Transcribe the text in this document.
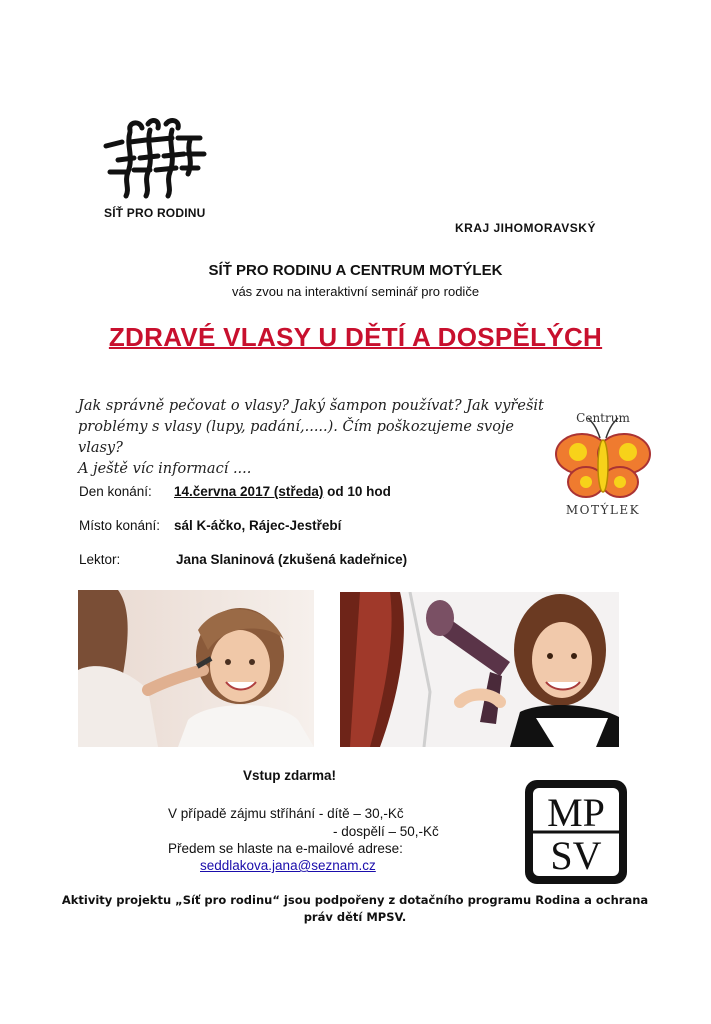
SÍŤ PRO RODINU
KRAJ JIHOMORAVSKÝ
SÍŤ PRO RODINU A CENTRUM MOTÝLEK
vás zvou na interaktivní seminář pro rodiče
ZDRAVÉ VLASY U DĚTÍ A DOSPĚLÝCH
Jak správně pečovat o vlasy? Jaký šampon používat? Jak vyřešit
problémy s vlasy (lupy, padání,.....). Čím poškozujeme svoje vlasy?
A ještě víc informací ....
Centrum
MOTÝLEK
Den konání: 14.června 2017 (středa) od 10 hod
Místo konání: sál K-áčko, Rájec-Jestřebí
Lektor:	Jana Slaninová (zkušená kadeřnice)
Vstup zdarma!
V případě zájmu stříhání - dítě – 30,-Kč
- dospělí – 50,-Kč
Předem se hlaste na e-mailové adrese:
seddlakova.jana@seznam.cz
MP
SV
Aktivity projektu „Síť pro rodinu“ jsou podpořeny z dotačního programu Rodina a ochrana
práv dětí MPSV.
